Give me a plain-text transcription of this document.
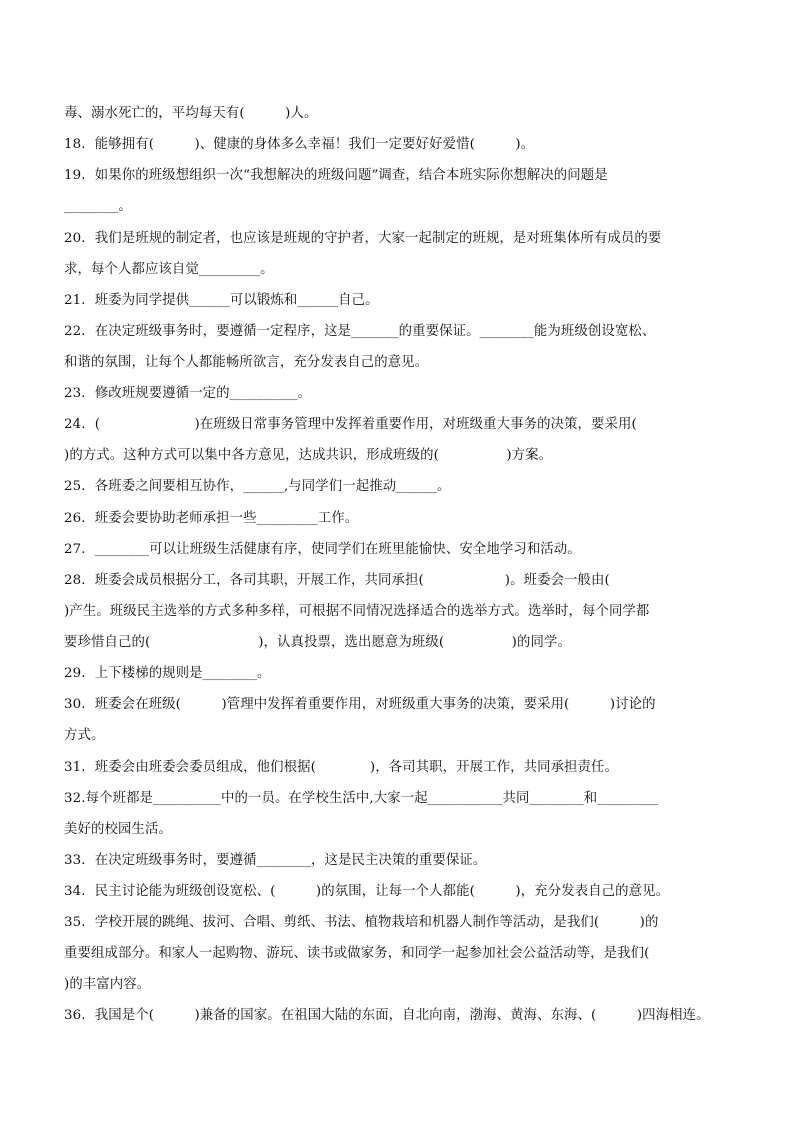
毒、溺水死亡的，平均每天有(　　　)人。
18．能够拥有(　　　)、健康的身体多么幸福！我们一定要好好爱惜(　　　)。
19．如果你的班级想组织一次“我想解决的班级问题”调查，结合本班实际你想解决的问题是
________。
20．我们是班规的制定者，也应该是班规的守护者，大家一起制定的班规，是对班集体所有成员的要
求，每个人都应该自觉_________。
21．班委为同学提供______可以锻炼和______自己。
22．在决定班级事务时，要遵循一定程序，这是_______的重要保证。________能为班级创设宽松、
和谐的氛围，让每个人都能畅所欲言，充分发表自己的意见。
23．修改班规要遵循一定的__________。
24．(　　　　　　　)在班级日常事务管理中发挥着重要作用，对班级重大事务的决策，要采用(
)的方式。这种方式可以集中各方意见，达成共识，形成班级的(　　　　　)方案。
25．各班委之间要相互协作，______,与同学们一起推动______。
26．班委会要协助老师承担一些_________工作。
27．________可以让班级生活健康有序，使同学们在班里能愉快、安全地学习和活动。
28．班委会成员根据分工，各司其职，开展工作，共同承担(　　　　　　)。班委会一般由(
)产生。班级民主选举的方式多种多样，可根据不同情况选择适合的选举方式。选举时，每个同学都
要珍惜自己的(　　　　　　　　)，认真投票，选出愿意为班级(　　　　　)的同学。
29．上下楼梯的规则是________。
30．班委会在班级(　　　)管理中发挥着重要作用，对班级重大事务的决策，要采用(　　　)讨论的
方式。
31．班委会由班委会委员组成，他们根据(　　　　)，各司其职，开展工作，共同承担责任。
32.每个班都是__________中的一员。在学校生活中,大家一起___________共同________和_________
美好的校园生活。
33．在决定班级事务时，要遵循________，这是民主决策的重要保证。
34．民主讨论能为班级创设宽松、(　　　)的氛围，让每一个人都能(　　　)，充分发表自己的意见。
35．学校开展的跳绳、拔河、合唱、剪纸、书法、植物栽培和机器人制作等活动，是我们(　　　)的
重要组成部分。和家人一起购物、游玩、读书或做家务，和同学一起参加社会公益活动等，是我们(
)的丰富内容。
36．我国是个(　　　)兼备的国家。在祖国大陆的东面，自北向南，渤海、黄海、东海、(　　　)四海相连。
